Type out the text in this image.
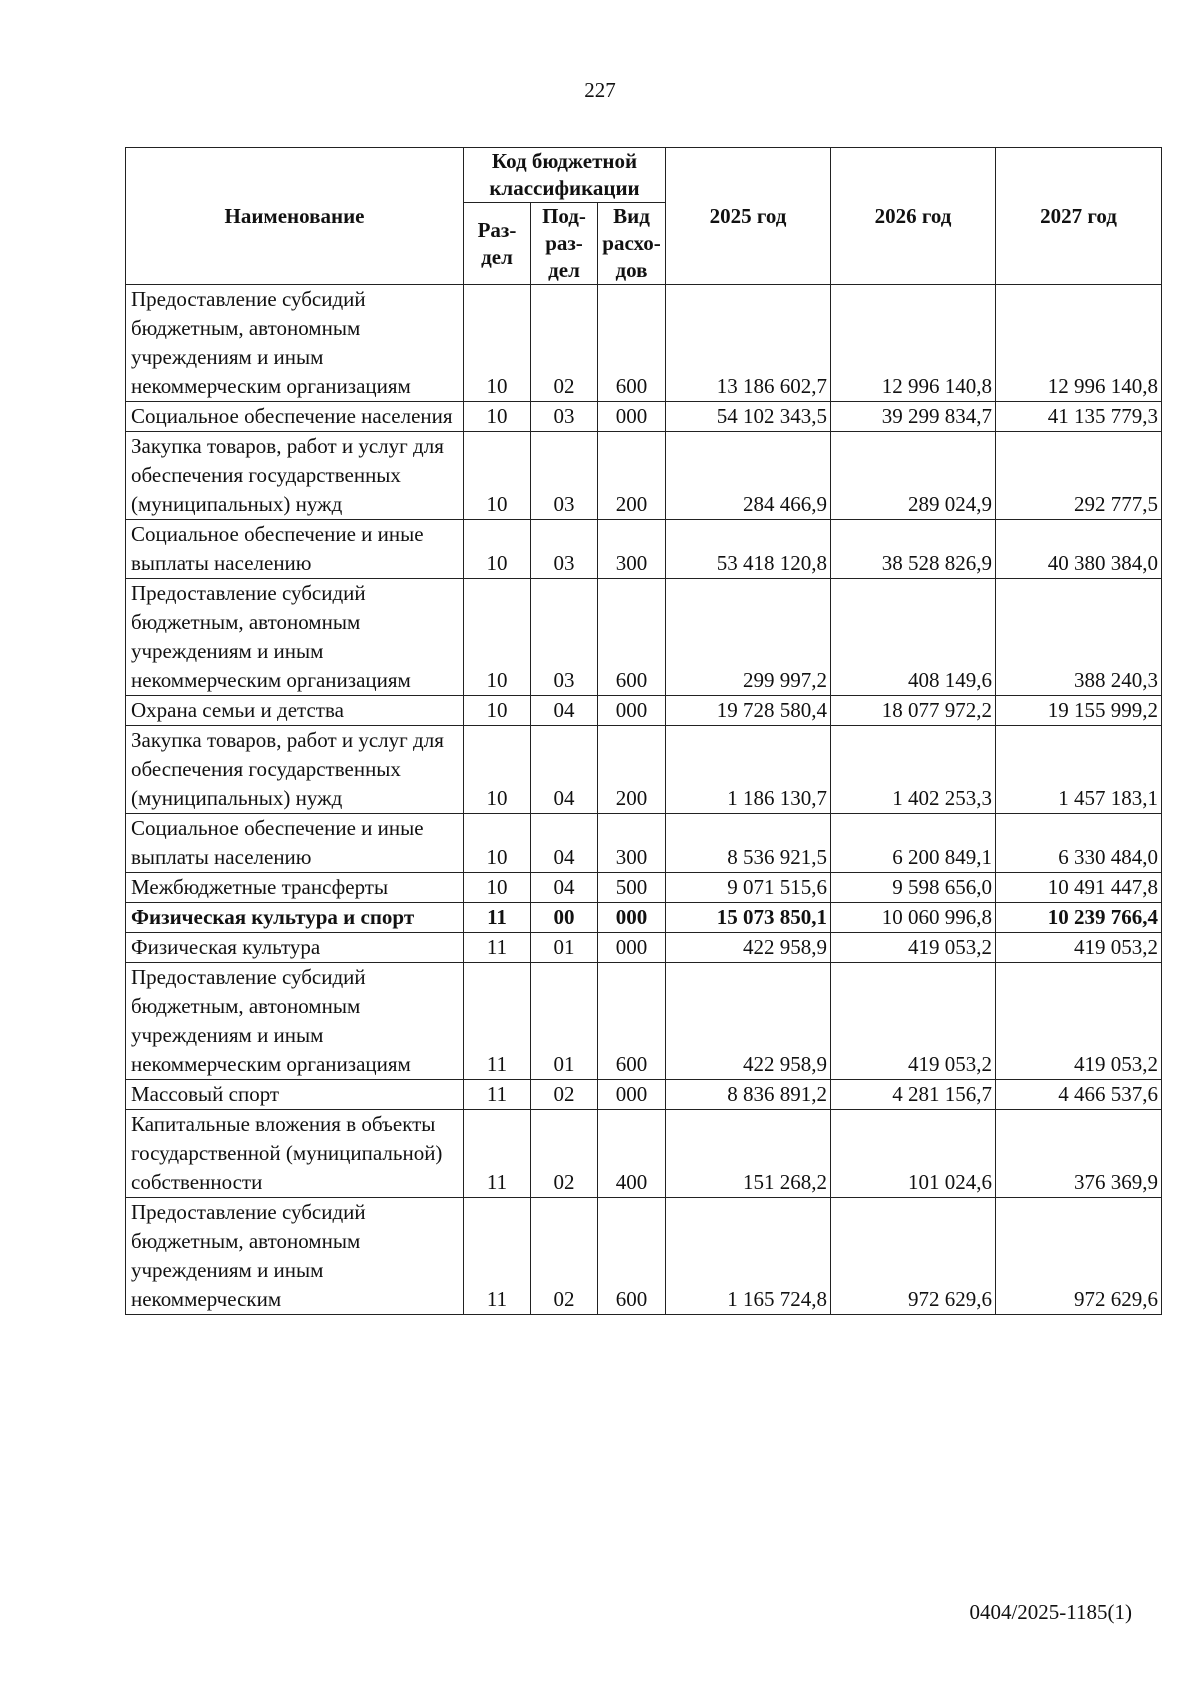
227
Наименование	Код бюджетной классификации			2025 год	2026 год	2027 год
	Раз-дел	Под-раз-дел	Вид расхо-дов			
Предоставление субсидий бюджетным, автономным учреждениям и иным некоммерческим организациям	10	02	600	13 186 602,7	12 996 140,8	12 996 140,8
Социальное обеспечение населения	10	03	000	54 102 343,5	39 299 834,7	41 135 779,3
Закупка товаров, работ и услуг для обеспечения государственных (муниципальных) нужд	10	03	200	284 466,9	289 024,9	292 777,5
Социальное обеспечение и иные выплаты населению	10	03	300	53 418 120,8	38 528 826,9	40 380 384,0
Предоставление субсидий бюджетным, автономным учреждениям и иным некоммерческим организациям	10	03	600	299 997,2	408 149,6	388 240,3
Охрана семьи и детства	10	04	000	19 728 580,4	18 077 972,2	19 155 999,2
Закупка товаров, работ и услуг для обеспечения государственных (муниципальных) нужд	10	04	200	1 186 130,7	1 402 253,3	1 457 183,1
Социальное обеспечение и иные выплаты населению	10	04	300	8 536 921,5	6 200 849,1	6 330 484,0
Межбюджетные трансферты	10	04	500	9 071 515,6	9 598 656,0	10 491 447,8
Физическая культура и спорт	11	00	000	15 073 850,1	10 060 996,8	10 239 766,4
Физическая культура	11	01	000	422 958,9	419 053,2	419 053,2
Предоставление субсидий бюджетным, автономным учреждениям и иным некоммерческим организациям	11	01	600	422 958,9	419 053,2	419 053,2
Массовый спорт	11	02	000	8 836 891,2	4 281 156,7	4 466 537,6
Капитальные вложения в объекты государственной (муниципальной) собственности	11	02	400	151 268,2	101 024,6	376 369,9
Предоставление субсидий бюджетным, автономным учреждениям и иным некоммерческим	11	02	600	1 165 724,8	972 629,6	972 629,6
0404/2025-1185(1)
